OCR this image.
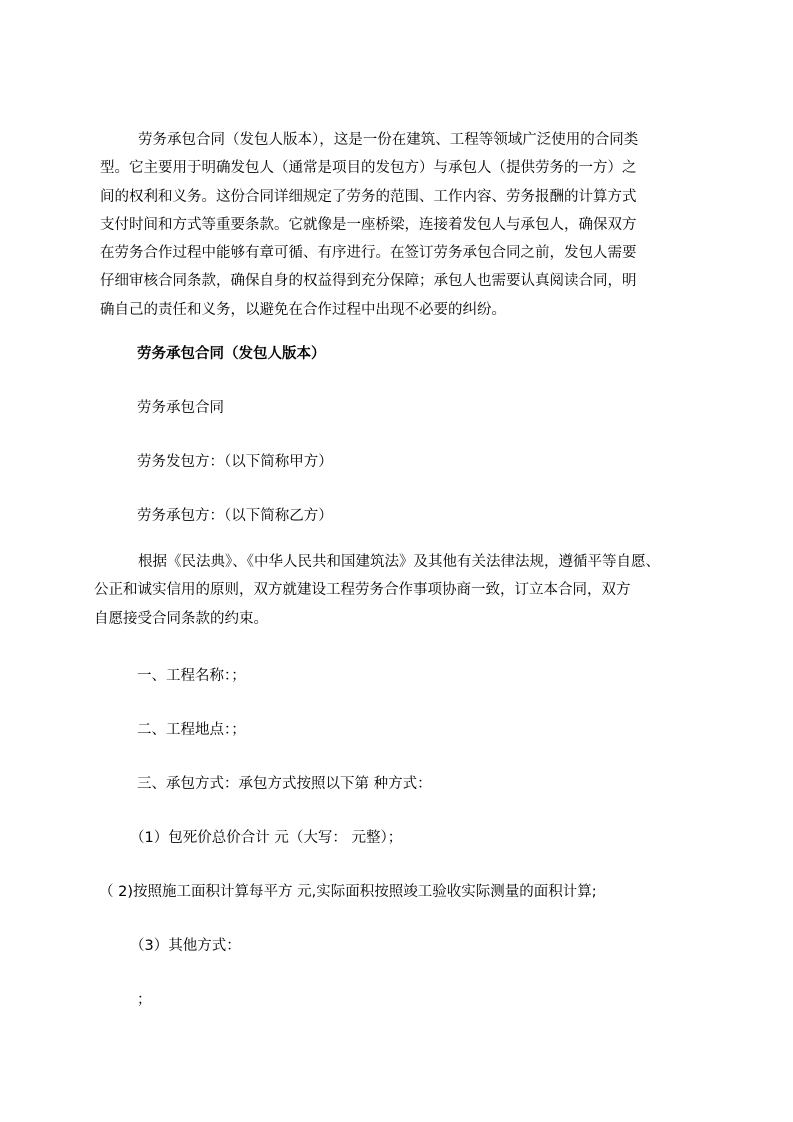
劳务承包合同（发包人版本），这是一份在建筑、工程等领域广泛使用的合同类
型。它主要用于明确发包人（通常是项目的发包方）与承包人（提供劳务的一方）之
间的权利和义务。这份合同详细规定了劳务的范围、工作内容、劳务报酬的计算方式
支付时间和方式等重要条款。它就像是一座桥梁，连接着发包人与承包人，确保双方
在劳务合作过程中能够有章可循、有序进行。在签订劳务承包合同之前，发包人需要
仔细审核合同条款，确保自身的权益得到充分保障；承包人也需要认真阅读合同，明
确自己的责任和义务，以避免在合作过程中出现不必要的纠纷。
劳务承包合同（发包人版本）
劳务承包合同
劳务发包方：（以下简称甲方）
劳务承包方：（以下简称乙方）
根据《民法典》、《中华人民共和国建筑法》及其他有关法律法规，遵循平等自愿、
公正和诚实信用的原则，双方就建设工程劳务合作事项协商一致，订立本合同，双方
自愿接受合同条款的约束。
一、工程名称：；
二、工程地点：；
三、承包方式：承包方式按照以下第 种方式：
（1）包死价总价合计 元（大写： 元整）；
（ 2)按照施工面积计算每平方 元,实际面积按照竣工验收实际测量的面积计算;
（3）其他方式：
；
